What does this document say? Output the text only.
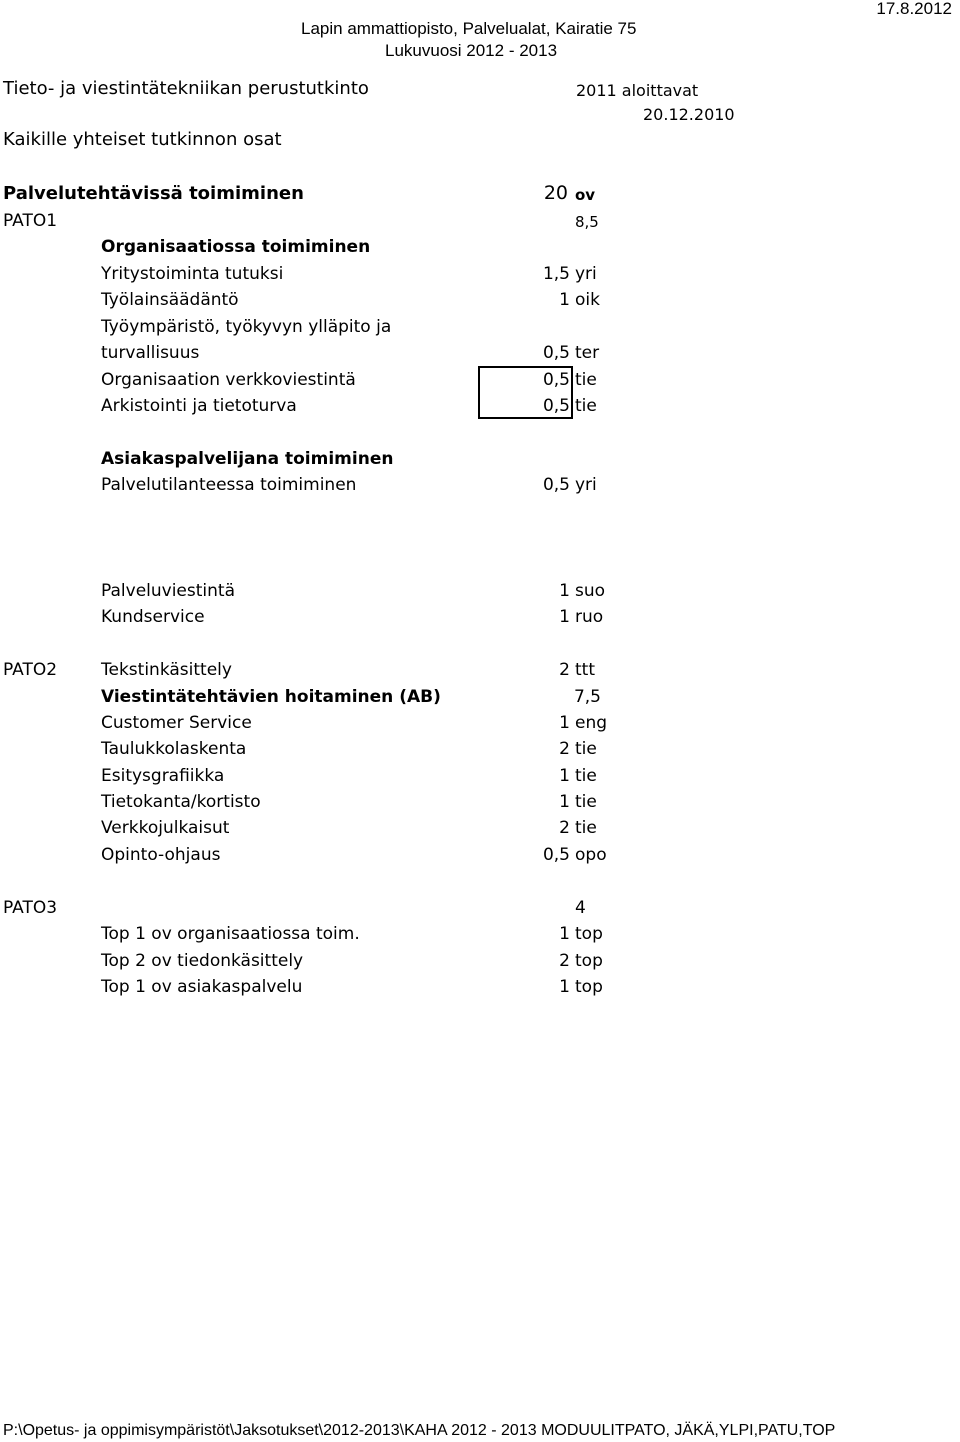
17.8.2012
Lapin ammattiopisto, Palvelualat, Kairatie 75
Lukuvuosi 2012 - 2013
Tieto- ja viestintätekniikan perustutkinto	2011 aloittavat
20.12.2010
Kaikille yhteiset tutkinnon osat
Palvelutehtävissä toimiminen	20 ov
PATO1	8,5
Organisaatiossa toimiminen
Yritystoiminta tutuksi	1,5 yri
Työlainsäädäntö	1 oik
Työympäristö, työkyvyn ylläpito ja
turvallisuus	0,5 ter
Organisaation verkkoviestintä	0,5 tie
Arkistointi ja tietoturva	0,5 tie
Asiakaspalvelijana toimiminen
Palvelutilanteessa toimiminen	0,5 yri
Palveluviestintä	1 suo
Kundservice	1 ruo
PATO2	Tekstinkäsittely	2 ttt
Viestintätehtävien hoitaminen (AB)	7,5
Customer Service	1 eng
Taulukkolaskenta	2 tie
Esitysgrafiikka	1 tie
Tietokanta/kortisto	1 tie
Verkkojulkaisut	2 tie
Opinto-ohjaus	0,5 opo
PATO3	4
Top 1 ov organisaatiossa toim.	1 top
Top 2 ov tiedonkäsittely	2 top
Top 1 ov asiakaspalvelu	1 top
P:\Opetus- ja oppimisympäristöt\Jaksotukset\2012-2013\KAHA 2012 - 2013 MODUULITPATO, JÄKÄ,YLPI,PATU,TOP
